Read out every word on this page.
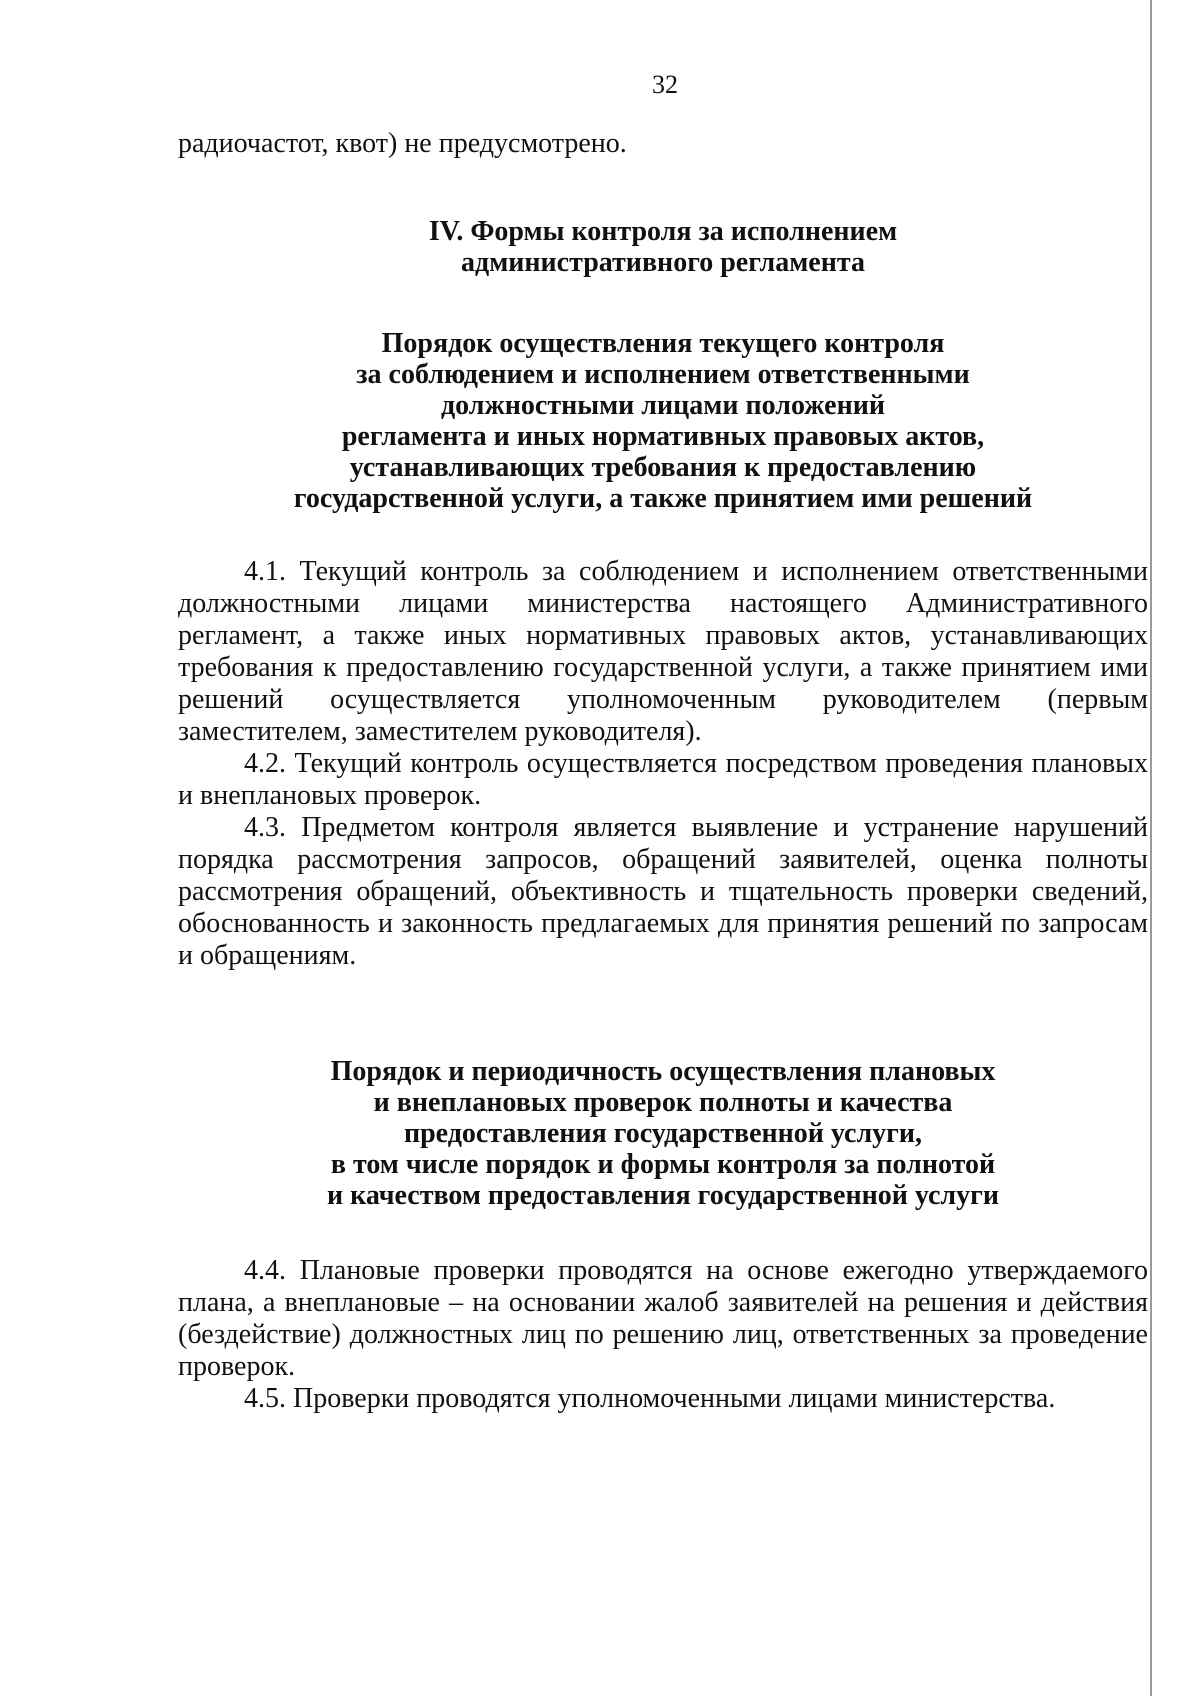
32

радиочастот, квот) не предусмотрено.

IV. Формы контроля за исполнением
административного регламента
Порядок осуществления текущего контроля
за соблюдением и исполнением ответственными
должностными лицами положений
регламента и иных нормативных правовых актов,
устанавливающих требования к предоставлению
государственной услуги, а также принятием ими решений

4.1. Текущий контроль за соблюдением и исполнением ответственными должностными лицами министерства настоящего Административного регламент, а также иных нормативных правовых актов, устанавливающих требования к предоставлению государственной услуги, а также принятием ими решений осуществляется уполномоченным руководителем (первым заместителем, заместителем руководителя).

4.2. Текущий контроль осуществляется посредством проведения плановых и внеплановых проверок.

4.3. Предметом контроля является выявление и устранение нарушений порядка рассмотрения запросов, обращений заявителей, оценка полноты рассмотрения обращений, объективность и тщательность проверки сведений, обоснованность и законность предлагаемых для принятия решений по запросам и обращениям.

Порядок и периодичность осуществления плановых
и внеплановых проверок полноты и качества
предоставления государственной услуги,
в том числе порядок и формы контроля за полнотой
и качеством предоставления государственной услуги

4.4. Плановые проверки проводятся на основе ежегодно утверждаемого плана, а внеплановые – на основании жалоб заявителей на решения и действия (бездействие) должностных лиц по решению лиц, ответственных за проведение проверок.

4.5. Проверки проводятся уполномоченными лицами министерства.
